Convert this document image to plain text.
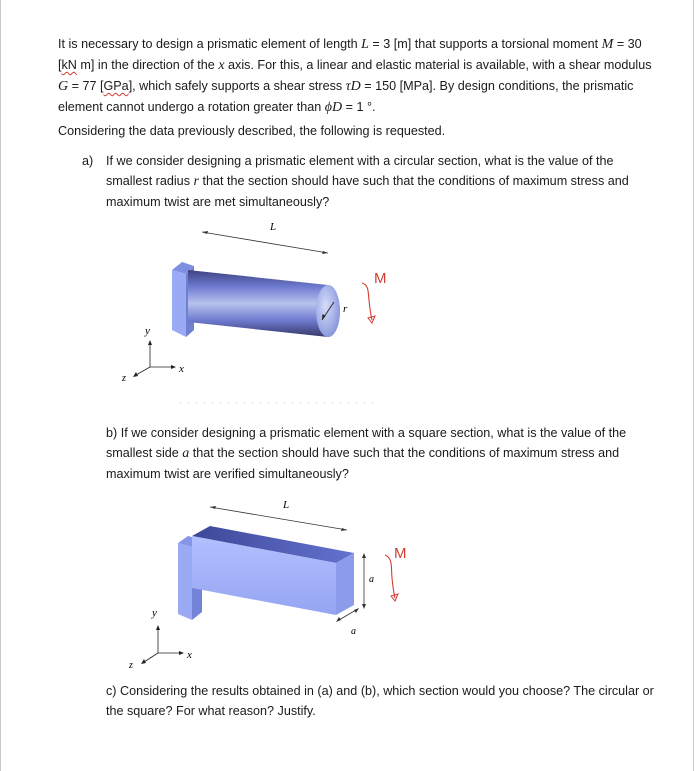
It is necessary to design a prismatic element of length L = 3 [m] that supports a torsional moment M = 30 [kN m] in the direction of the x axis. For this, a linear and elastic material is available, with a shear modulus G = 77 [GPa], which safely supports a shear stress τD = 150 [MPa]. By design conditions, the prismatic element cannot undergo a rotation greater than ϕD = 1 °.

Considering the data previously described, the following is requested.

a) If we consider designing a prismatic element with a circular section, what is the value of the smallest radius r that the section should have such that the conditions of maximum stress and maximum twist are met simultaneously?
L
r
M
y
x
z

b) If we consider designing a prismatic element with a square section, what is the value of the smallest side a that the section should have such that the conditions of maximum stress and maximum twist are verified simultaneously?

L
a
a
M
y
x
z

c) Considering the results obtained in (a) and (b), which section would you choose? The circular or the square? For what reason? Justify.
